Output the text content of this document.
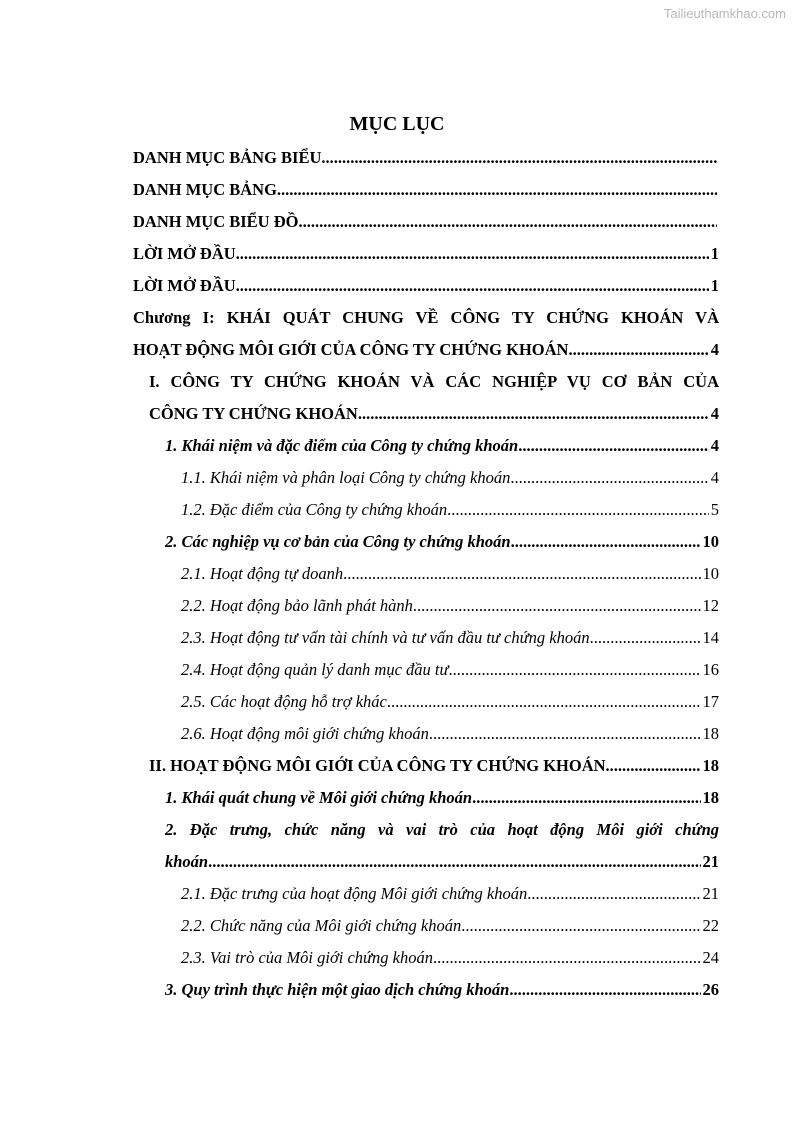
Tailieuthamkhao.com
MỤC LỤC
DANH MỤC BẢNG BIỂU
.....
DANH MỤC BẢNG
.....
DANH MỤC BIỂU ĐỒ
.....
LỜI MỞ ĐẦU .....	1
LỜI MỞ ĐẦU .....	1
Chương I: KHÁI QUÁT CHUNG VỀ CÔNG TY CHỨNG KHOÁN VÀ
HOẠT ĐỘNG MÔI GIỚI CỦA CÔNG TY CHỨNG KHOÁN .....	4
I. CÔNG TY CHỨNG KHOÁN VÀ CÁC NGHIỆP VỤ CƠ BẢN CỦA
CÔNG TY CHỨNG KHOÁN .....	4
1. Khái niệm và đặc điểm của Công ty chứng khoán .....	4
1.1. Khái niệm và phân loại Công ty chứng khoán .....	4
1.2. Đặc điểm của Công ty chứng khoán .....	5
2. Các nghiệp vụ cơ bản của Công ty chứng khoán .....	10
2.1. Hoạt động tự doanh .....	10
2.2. Hoạt động bảo lãnh phát hành .....	12
2.3. Hoạt động tư vấn tài chính và tư vấn đầu tư chứng khoán .....	14
2.4. Hoạt động quản lý danh mục đầu tư .....	16
2.5. Các hoạt động hỗ trợ khác .....	17
2.6. Hoạt động môi giới chứng khoán .....	18
II. HOẠT ĐỘNG MÔI GIỚI CỦA CÔNG TY CHỨNG KHOÁN .....	18
1. Khái quát chung về Môi giới chứng khoán .....	18
2. Đặc trưng, chức năng và vai trò của hoạt động Môi giới chứng
khoán .....	21
2.1. Đặc trưng của hoạt động Môi giới chứng khoán .....	21
2.2. Chức năng của Môi giới chứng khoán .....	22
2.3. Vai trò của Môi giới chứng khoán .....	24
3. Quy trình thực hiện một giao dịch chứng khoán .....	26
